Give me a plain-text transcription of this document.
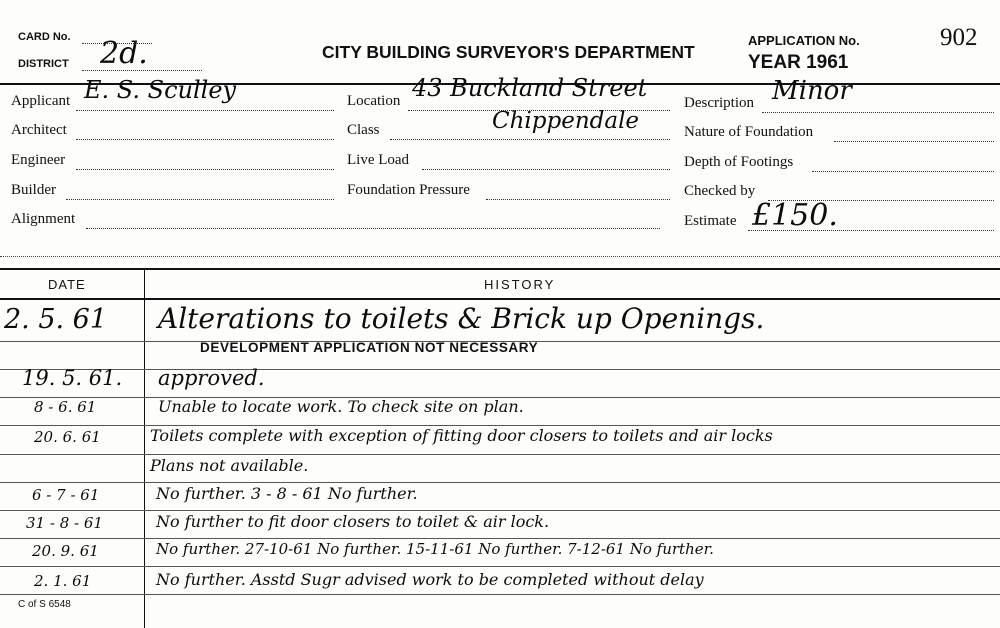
CARD No.
DISTRICT 2d.	CITY BUILDING SURVEYOR'S DEPARTMENT
APPLICATION No.	902
YEAR 1961
Applicant E. S. Sculley
Architect
Engineer
Builder
Alignment
Location 43 Buckland Street
Class	Chippendale
Live Load
Foundation Pressure
Description Minor
Nature of Foundation
Depth of Footings
Checked by
Estimate £150.
DATE	HISTORY
2. 5. 61 Alterations to toilets & Brick up Openings.
DEVELOPMENT APPLICATION NOT NECESSARY
19. 5. 61. approved.
8 - 6. 61	Unable to locate work. To check site on plan.
20. 6. 61	Toilets complete with exception of fitting door closers to toilets and air locks
Plans not available.
6 - 7 - 61	No further. 3 - 8 - 61 No further.
31 - 8 - 61	No further to fit door closers to toilet & air lock.
20. 9. 61	No further. 27-10-61 No further. 15-11-61 No further. 7-12-61 No further.
2. 1. 61	No further. Asstd Sugr advised work to be completed without delay
C of S 6548
